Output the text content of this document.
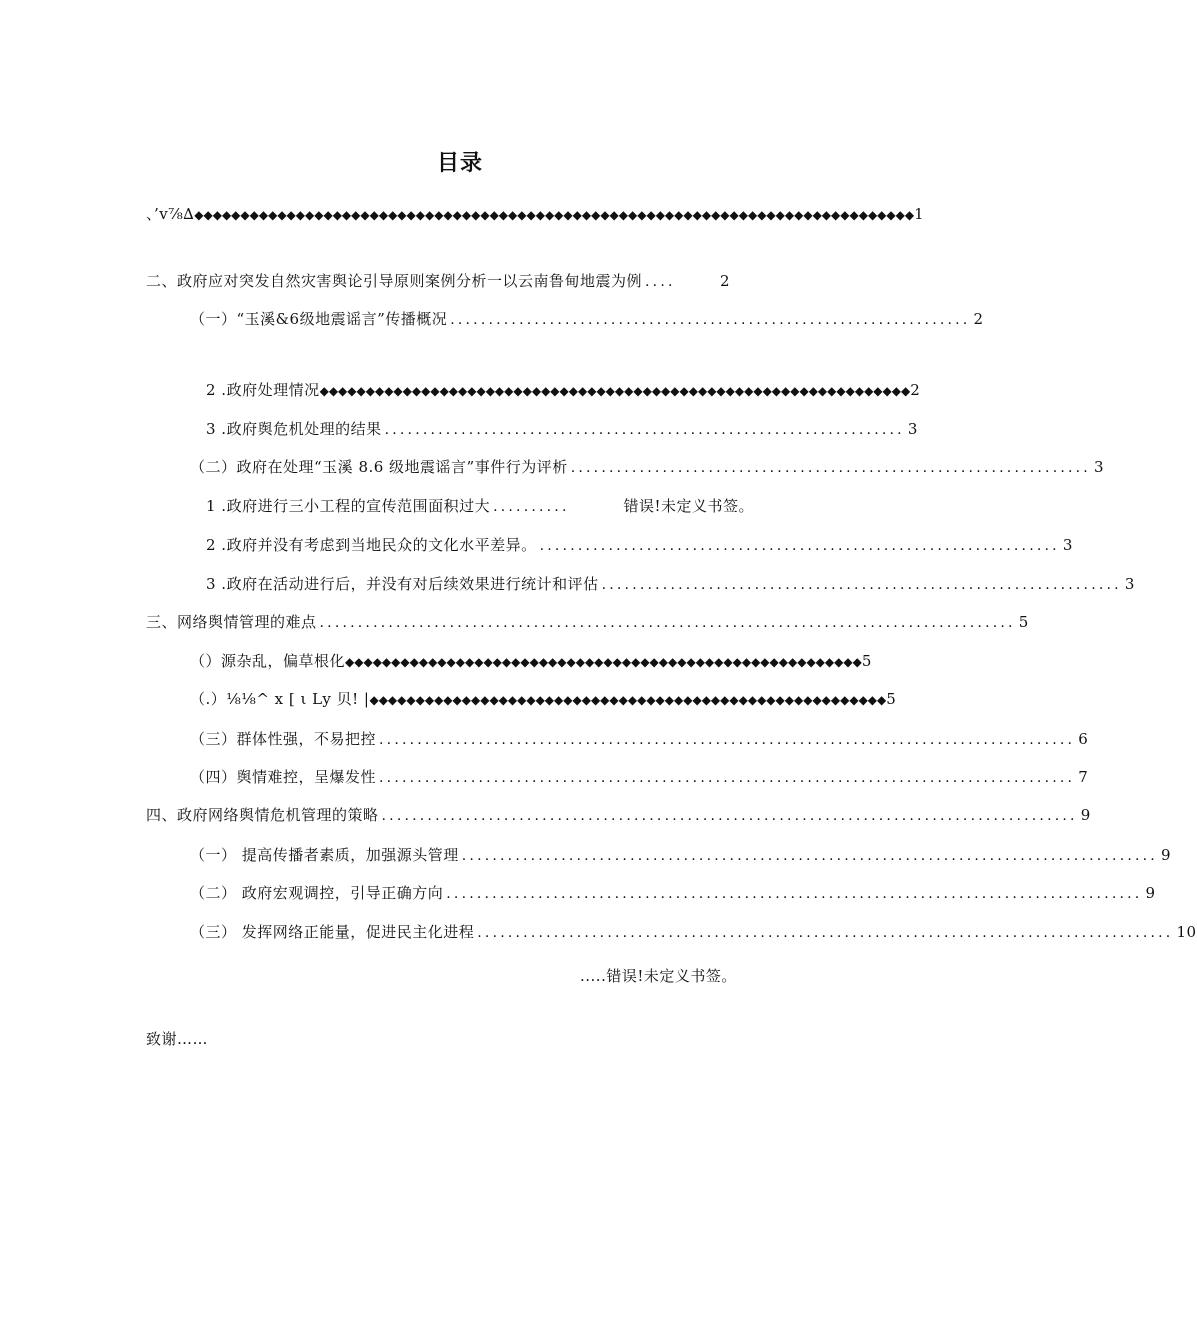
目录
、’v⅞∆ ◆◆◆◆◆◆◆◆◆◆◆◆◆◆◆◆◆◆◆◆◆◆◆◆◆◆◆◆◆◆◆◆◆◆◆◆◆◆◆◆◆◆◆◆◆◆◆◆◆◆◆◆◆◆◆◆◆◆◆◆◆◆◆◆◆◆◆◆◆◆◆◆◆◆◆◆◆◆ 1
二、政府应对突发自然灾害舆论引导原则案例分析一以云南鲁甸地震为例 ....	2
（一）“玉溪&6级地震谣言”传播概况 .................................................................... 2
2 .政府处理情况 ◆◆◆◆◆◆◆◆◆◆◆◆◆◆◆◆◆◆◆◆◆◆◆◆◆◆◆◆◆◆◆◆◆◆◆◆◆◆◆◆◆◆◆◆◆◆◆◆◆◆◆◆◆◆◆◆◆◆◆◆◆◆◆◆ 2
3 .政府舆危机处理的结果 .................................................................... 3
（二）政府在处理“玉溪 8.6 级地震谣言”事件行为评析 .................................................................... 3
1 .政府进行三小工程的宣传范围面积过大 ..........	错误!未定义书签。
2 .政府并没有考虑到当地民众的文化水平差异。 .................................................................... 3
3 .政府在活动进行后，并没有对后续效果进行统计和评估 .................................................................... 3
三、网络舆情管理的难点 ........................................................................................... 5
（）源杂乱，偏草根化 ◆◆◆◆◆◆◆◆◆◆◆◆◆◆◆◆◆◆◆◆◆◆◆◆◆◆◆◆◆◆◆◆◆◆◆◆◆◆◆◆◆◆◆◆◆◆◆◆◆◆◆◆◆◆◆◆ 5
（.）⅛⅛^ x [ ι Ly 贝! | ◆◆◆◆◆◆◆◆◆◆◆◆◆◆◆◆◆◆◆◆◆◆◆◆◆◆◆◆◆◆◆◆◆◆◆◆◆◆◆◆◆◆◆◆◆◆◆◆◆◆◆◆◆◆◆◆ 5
（三）群体性强，不易把控 ........................................................................................... 6
（四）舆情难控，呈爆发性 ........................................................................................... 7
四、政府网络舆情危机管理的策略 ........................................................................................... 9
（一） 提高传播者素质，加强源头管理 ........................................................................................... 9
（二） 政府宏观调控，引导正确方向 ........................................................................................... 9
（三） 发挥网络正能量，促进民主化进程 ........................................................................................... 10
.....错误!未定义书签。
致谢……
